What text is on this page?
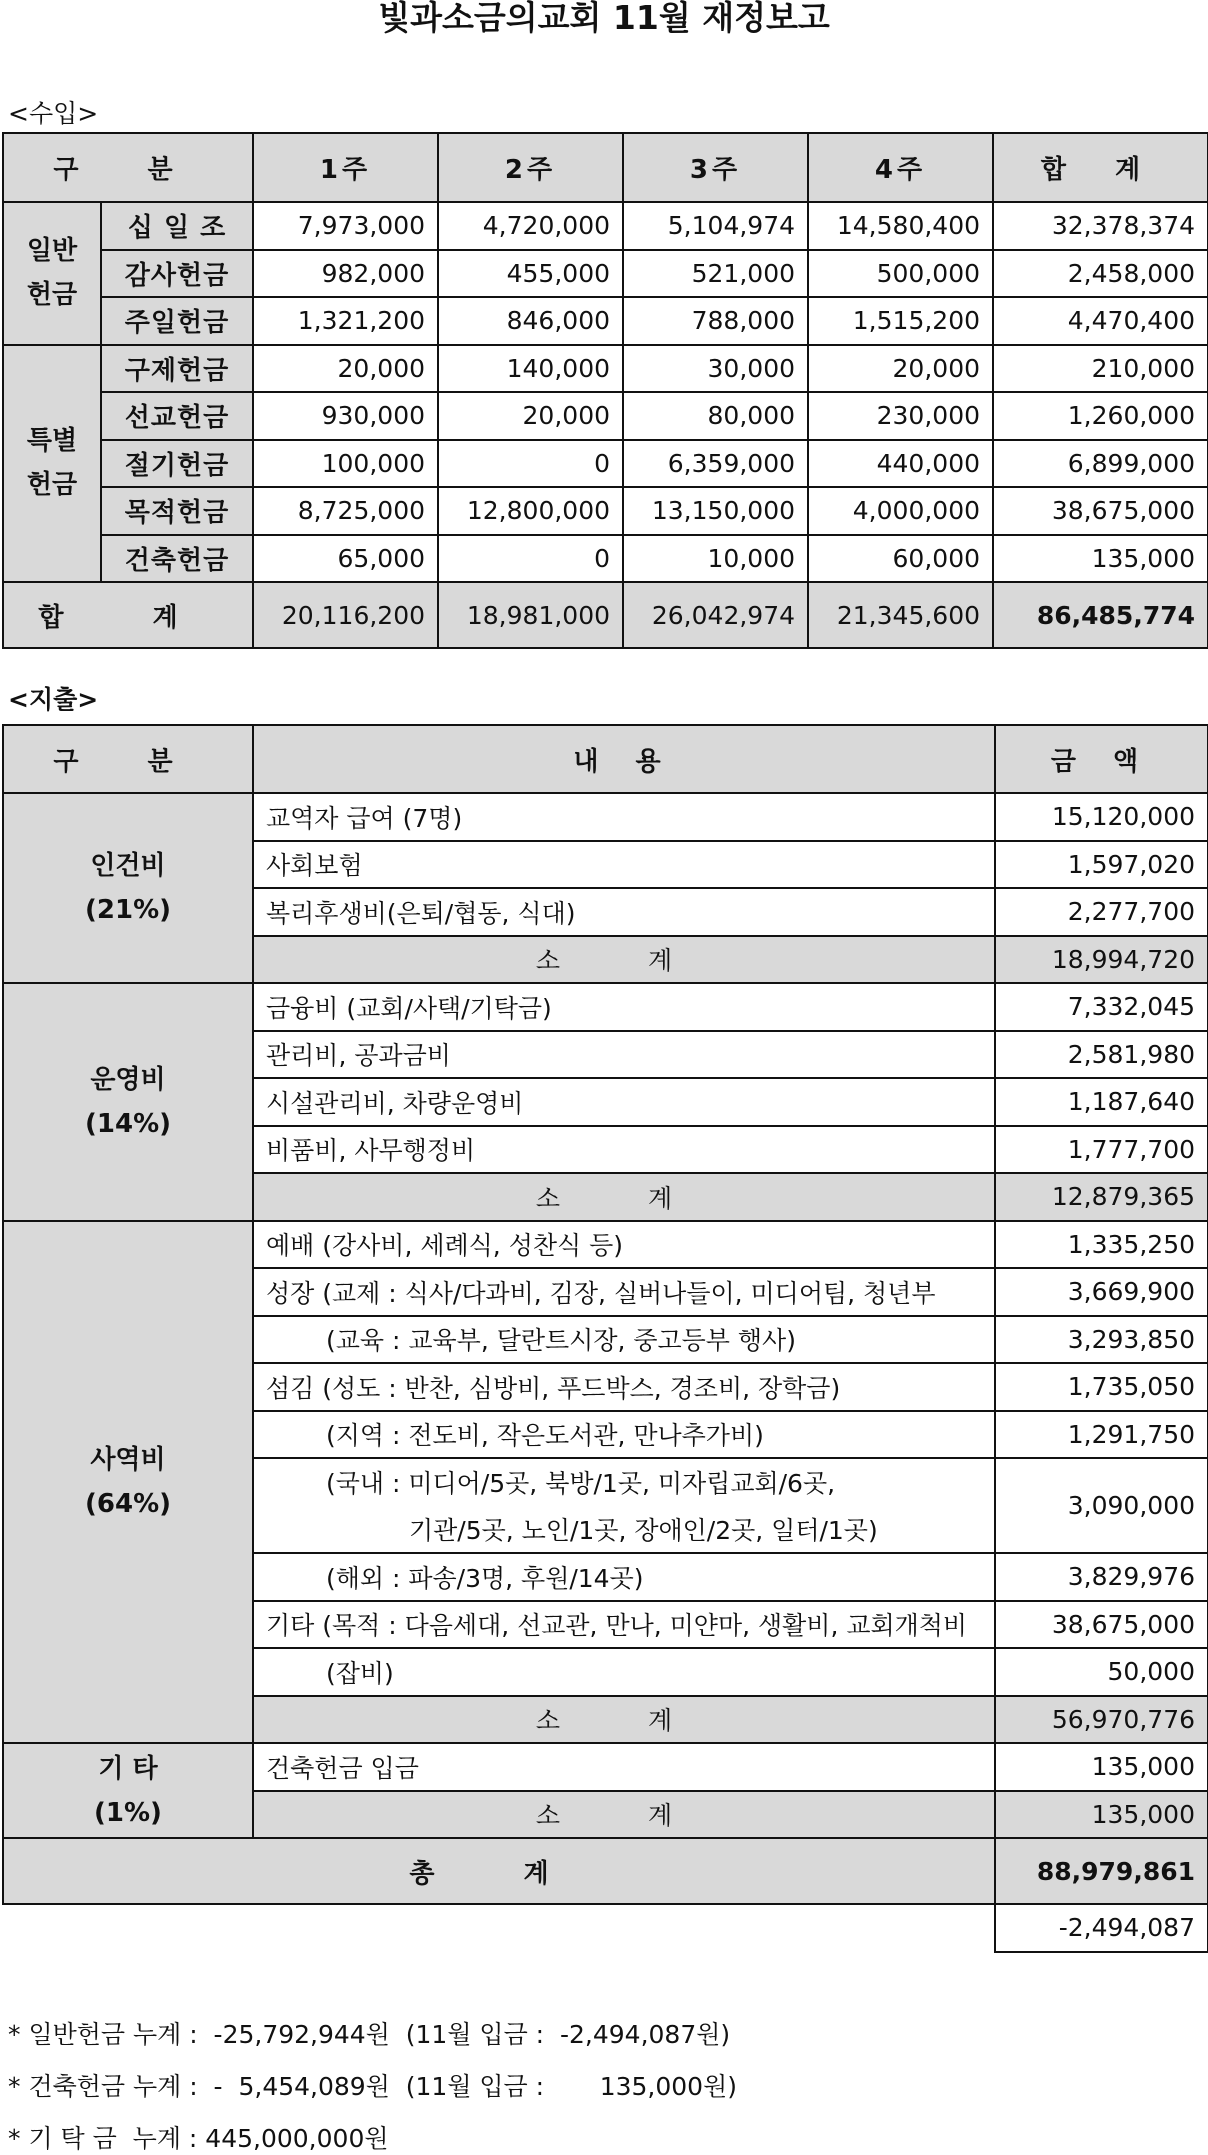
빛과소금의교회 11월 재정보고
<수입>
구 분		1주	2주	3주	4주	합 계
일반 헌금	십 일 조	7,973,000	4,720,000	5,104,974	14,580,400	32,378,374
	감사헌금	982,000	455,000	521,000	500,000	2,458,000
	주일헌금	1,321,200	846,000	788,000	1,515,200	4,470,400
특별 헌금	구제헌금	20,000	140,000	30,000	20,000	210,000
	선교헌금	930,000	20,000	80,000	230,000	1,260,000
	절기헌금	100,000	0	6,359,000	440,000	6,899,000
	목적헌금	8,725,000	12,800,000	13,150,000	4,000,000	38,675,000
	건축헌금	65,000	0	10,000	60,000	135,000
합 계		20,116,200	18,981,000	26,042,974	21,345,600	86,485,774
<지출>
구 분	내 용	금 액

인건비
(21%)	교역자 급여 (7명)	15,120,000
	사회보험	1,597,020
	복리후생비(은퇴/협동, 식대)	2,277,700
	소 계	18,994,720

운영비
(14%)	금융비 (교회/사택/기탁금)	7,332,045
	관리비, 공과금비	2,581,980
	시설관리비, 차량운영비	1,187,640
	비품비, 사무행정비	1,777,700
	소 계	12,879,365

사역비
(64%)	예배 (강사비, 세례식, 성찬식 등)	1,335,250
	성장 (교제 : 식사/다과비, 김장, 실버나들이, 미디어팀, 청년부	3,669,900
	(교육 : 교육부, 달란트시장, 중고등부 행사)	3,293,850
	섬김 (성도 : 반찬, 심방비, 푸드박스, 경조비, 장학금)	1,735,050
	(지역 : 전도비, 작은도서관, 만나추가비)	1,291,750
	(국내 : 미디어/5곳, 북방/1곳, 미자립교회/6곳,	3,090,000
	기관/5곳, 노인/1곳, 장애인/2곳, 일터/1곳)	
	(해외 : 파송/3명, 후원/14곳)	3,829,976
	기타 (목적 : 다음세대, 선교관, 만나, 미얀마, 생활비, 교회개척비	38,675,000
	(잡비)	50,000
	소 계	56,970,776

기 타
(1%)	건축헌금 입금	135,000
	소 계	135,000
총 계		88,979,861
		-2,494,087
* 일반헌금 누계 :  -25,792,944원  (11월 입금 :  -2,494,087원)
* 건축헌금 누계 :  -  5,454,089원  (11월 입금 :       135,000원)
* 기 탁 금  누계 : 445,000,000원
